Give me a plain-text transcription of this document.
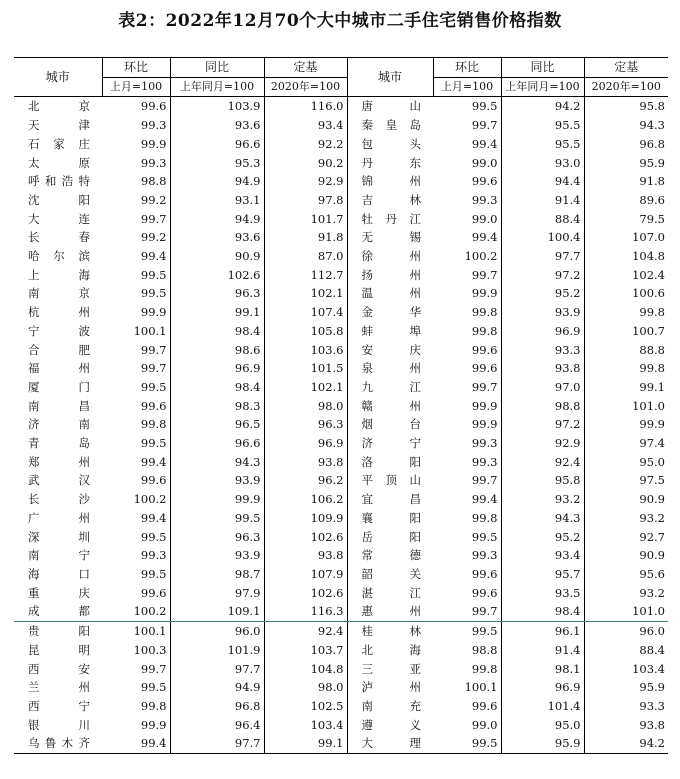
表2：2022年12月70个大中城市二手住宅销售价格指数
城市	环比	同比	定基	城市	环比	同比	定基
	上月=100	上年同月=100	2020年=100		上月=100	上年同月=100	2020年=100
北京	99.6	103.9	116.0	唐山	99.5	94.2	95.8
天津	99.3	93.6	93.4	秦皇岛	99.7	95.5	94.3
石家庄	99.9	96.6	92.2	包头	99.4	95.5	96.8
太原	99.3	95.3	90.2	丹东	99.0	93.0	95.9
呼和浩特	98.8	94.9	92.9	锦州	99.6	94.4	91.8
沈阳	99.2	93.1	97.8	吉林	99.3	91.4	89.6
大连	99.7	94.9	101.7	牡丹江	99.0	88.4	79.5
长春	99.2	93.6	91.8	无锡	99.4	100.4	107.0
哈尔滨	99.4	90.9	87.0	徐州	100.2	97.7	104.8
上海	99.5	102.6	112.7	扬州	99.7	97.2	102.4
南京	99.5	96.3	102.1	温州	99.9	95.2	100.6
杭州	99.9	99.1	107.4	金华	99.8	93.9	99.8
宁波	100.1	98.4	105.8	蚌埠	99.8	96.9	100.7
合肥	99.7	98.6	103.6	安庆	99.6	93.3	88.8
福州	99.7	96.9	101.5	泉州	99.6	93.8	99.8
厦门	99.5	98.4	102.1	九江	99.7	97.0	99.1
南昌	99.6	98.3	98.0	赣州	99.9	98.8	101.0
济南	99.8	96.5	96.3	烟台	99.9	97.2	99.9
青岛	99.5	96.6	96.9	济宁	99.3	92.9	97.4
郑州	99.4	94.3	93.8	洛阳	99.3	92.4	95.0
武汉	99.6	93.9	96.2	平顶山	99.7	95.8	97.5
长沙	100.2	99.9	106.2	宜昌	99.4	93.2	90.9
广州	99.4	99.5	109.9	襄阳	99.8	94.3	93.2
深圳	99.5	96.3	102.6	岳阳	99.5	95.2	92.7
南宁	99.3	93.9	93.8	常德	99.3	93.4	90.9
海口	99.5	98.7	107.9	韶关	99.6	95.7	95.6
重庆	99.6	97.9	102.6	湛江	99.6	93.5	93.2
成都	100.2	109.1	116.3	惠州	99.7	98.4	101.0
贵阳	100.1	96.0	92.4	桂林	99.5	96.1	96.0
昆明	100.3	101.9	103.7	北海	98.8	91.4	88.4
西安	99.7	97.7	104.8	三亚	99.8	98.1	103.4
兰州	99.5	94.9	98.0	泸州	100.1	96.9	95.9
西宁	99.8	96.8	102.5	南充	99.6	101.4	93.3
银川	99.9	96.4	103.4	遵义	99.0	95.0	93.8
乌鲁木齐	99.4	97.7	99.1	大理	99.5	95.9	94.2
